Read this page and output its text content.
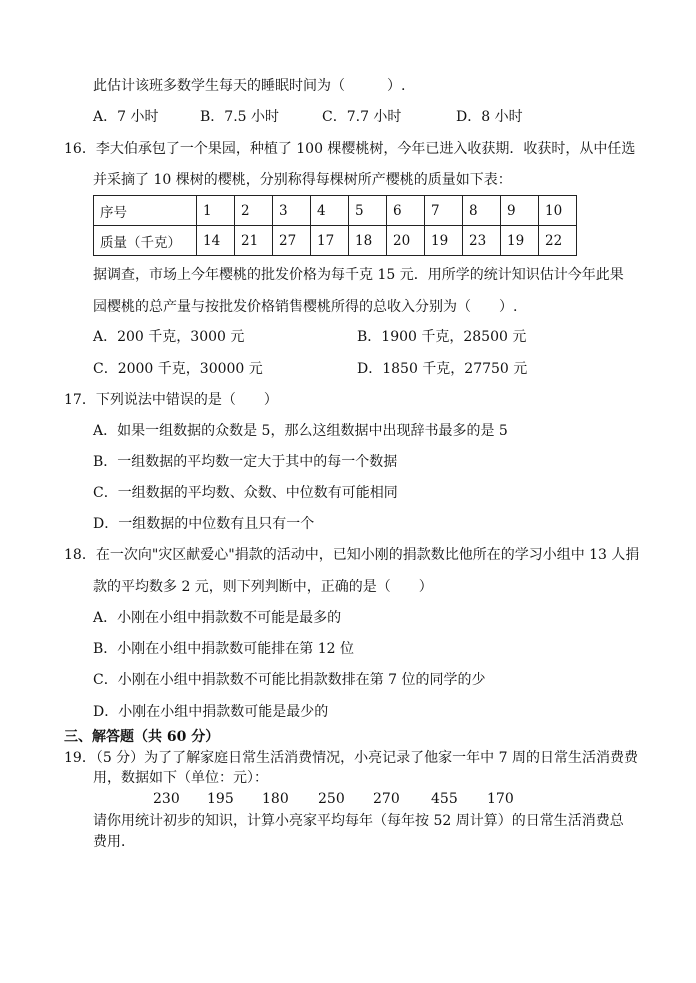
此估计该班多数学生每天的睡眠时间为（　　　）.
A．7 小时	B．7.5 小时	C．7.7 小时	D．8 小时
16．李大伯承包了一个果园，种植了 100 棵樱桃树，今年已进入收获期．收获时，从中任选
并采摘了 10 棵树的樱桃，分别称得每棵树所产樱桃的质量如下表：
序号	1	2	3	4	5	6	7	8	9	10
质量（千克）	14	21	27	17	18	20	19	23	19	22
据调查，市场上今年樱桃的批发价格为每千克 15 元．用所学的统计知识估计今年此果
园樱桃的总产量与按批发价格销售樱桃所得的总收入分别为（　　）.
A．200 千克，3000 元	B．1900 千克，28500 元
C．2000 千克，30000 元	D．1850 千克，27750 元
17．下列说法中错误的是（　　）
A．如果一组数据的众数是 5，那么这组数据中出现辞书最多的是 5
B．一组数据的平均数一定大于其中的每一个数据
C．一组数据的平均数、众数、中位数有可能相同
D．一组数据的中位数有且只有一个
18．在一次向"灾区献爱心"捐款的活动中，已知小刚的捐款数比他所在的学习小组中 13 人捐
款的平均数多 2 元，则下列判断中，正确的是（　　）
A．小刚在小组中捐款数不可能是最多的
B．小刚在小组中捐款数可能排在第 12 位
C．小刚在小组中捐款数不可能比捐款数排在第 7 位的同学的少
D．小刚在小组中捐款数可能是最少的
三、解答题（共 60 分）
19．（5 分）为了了解家庭日常生活消费情况，小亮记录了他家一年中 7 周的日常生活消费费
用，数据如下（单位：元）：
230 195 180 250 270 455 170
请你用统计初步的知识，计算小亮家平均每年（每年按 52 周计算）的日常生活消费总
费用．
